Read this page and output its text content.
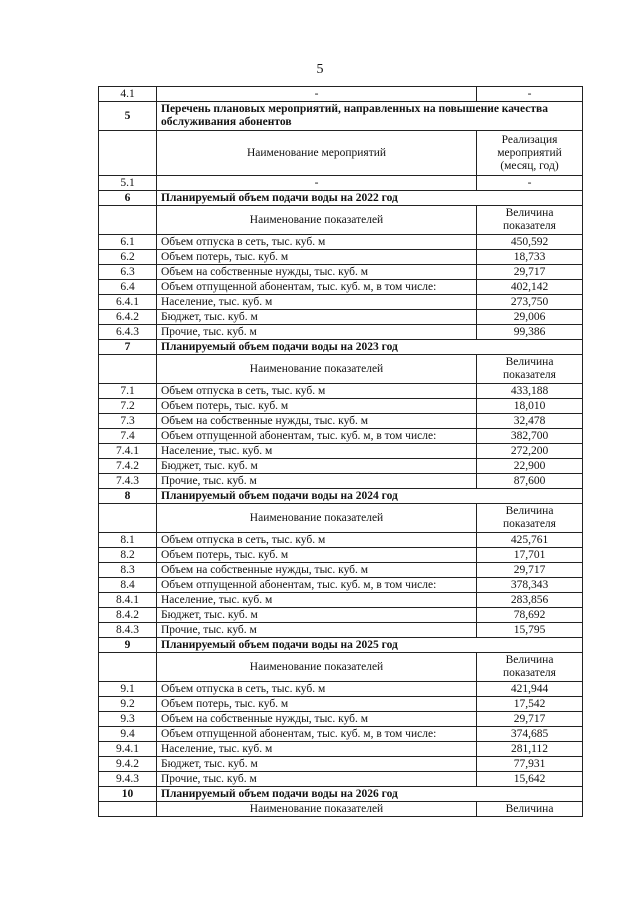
5
4.1	-	-
5	Перечень плановых мероприятий, направленных на повышение качества обслуживания абонентов	
	Наименование мероприятий	Реализация мероприятий (месяц, год)
5.1	-	-
6	Планируемый объем подачи воды на 2022 год	
	Наименование показателей	Величина показателя
6.1	Объем отпуска в сеть, тыс. куб. м	450,592
6.2	Объем потерь, тыс. куб. м	18,733
6.3	Объем на собственные нужды, тыс. куб. м	29,717
6.4	Объем отпущенной абонентам, тыс. куб. м, в том числе:	402,142
6.4.1	Население, тыс. куб. м	273,750
6.4.2	Бюджет, тыс. куб. м	29,006
6.4.3	Прочие, тыс. куб. м	99,386
7	Планируемый объем подачи воды на 2023 год	
	Наименование показателей	Величина показателя
7.1	Объем отпуска в сеть, тыс. куб. м	433,188
7.2	Объем потерь, тыс. куб. м	18,010
7.3	Объем на собственные нужды, тыс. куб. м	32,478
7.4	Объем отпущенной абонентам, тыс. куб. м, в том числе:	382,700
7.4.1	Население, тыс. куб. м	272,200
7.4.2	Бюджет, тыс. куб. м	22,900
7.4.3	Прочие, тыс. куб. м	87,600
8	Планируемый объем подачи воды на 2024 год	
	Наименование показателей	Величина показателя
8.1	Объем отпуска в сеть, тыс. куб. м	425,761
8.2	Объем потерь, тыс. куб. м	17,701
8.3	Объем на собственные нужды, тыс. куб. м	29,717
8.4	Объем отпущенной абонентам, тыс. куб. м, в том числе:	378,343
8.4.1	Население, тыс. куб. м	283,856
8.4.2	Бюджет, тыс. куб. м	78,692
8.4.3	Прочие, тыс. куб. м	15,795
9	Планируемый объем подачи воды на 2025 год	
	Наименование показателей	Величина показателя
9.1	Объем отпуска в сеть, тыс. куб. м	421,944
9.2	Объем потерь, тыс. куб. м	17,542
9.3	Объем на собственные нужды, тыс. куб. м	29,717
9.4	Объем отпущенной абонентам, тыс. куб. м, в том числе:	374,685
9.4.1	Население, тыс. куб. м	281,112
9.4.2	Бюджет, тыс. куб. м	77,931
9.4.3	Прочие, тыс. куб. м	15,642
10	Планируемый объем подачи воды на 2026 год	
	Наименование показателей	Величина
